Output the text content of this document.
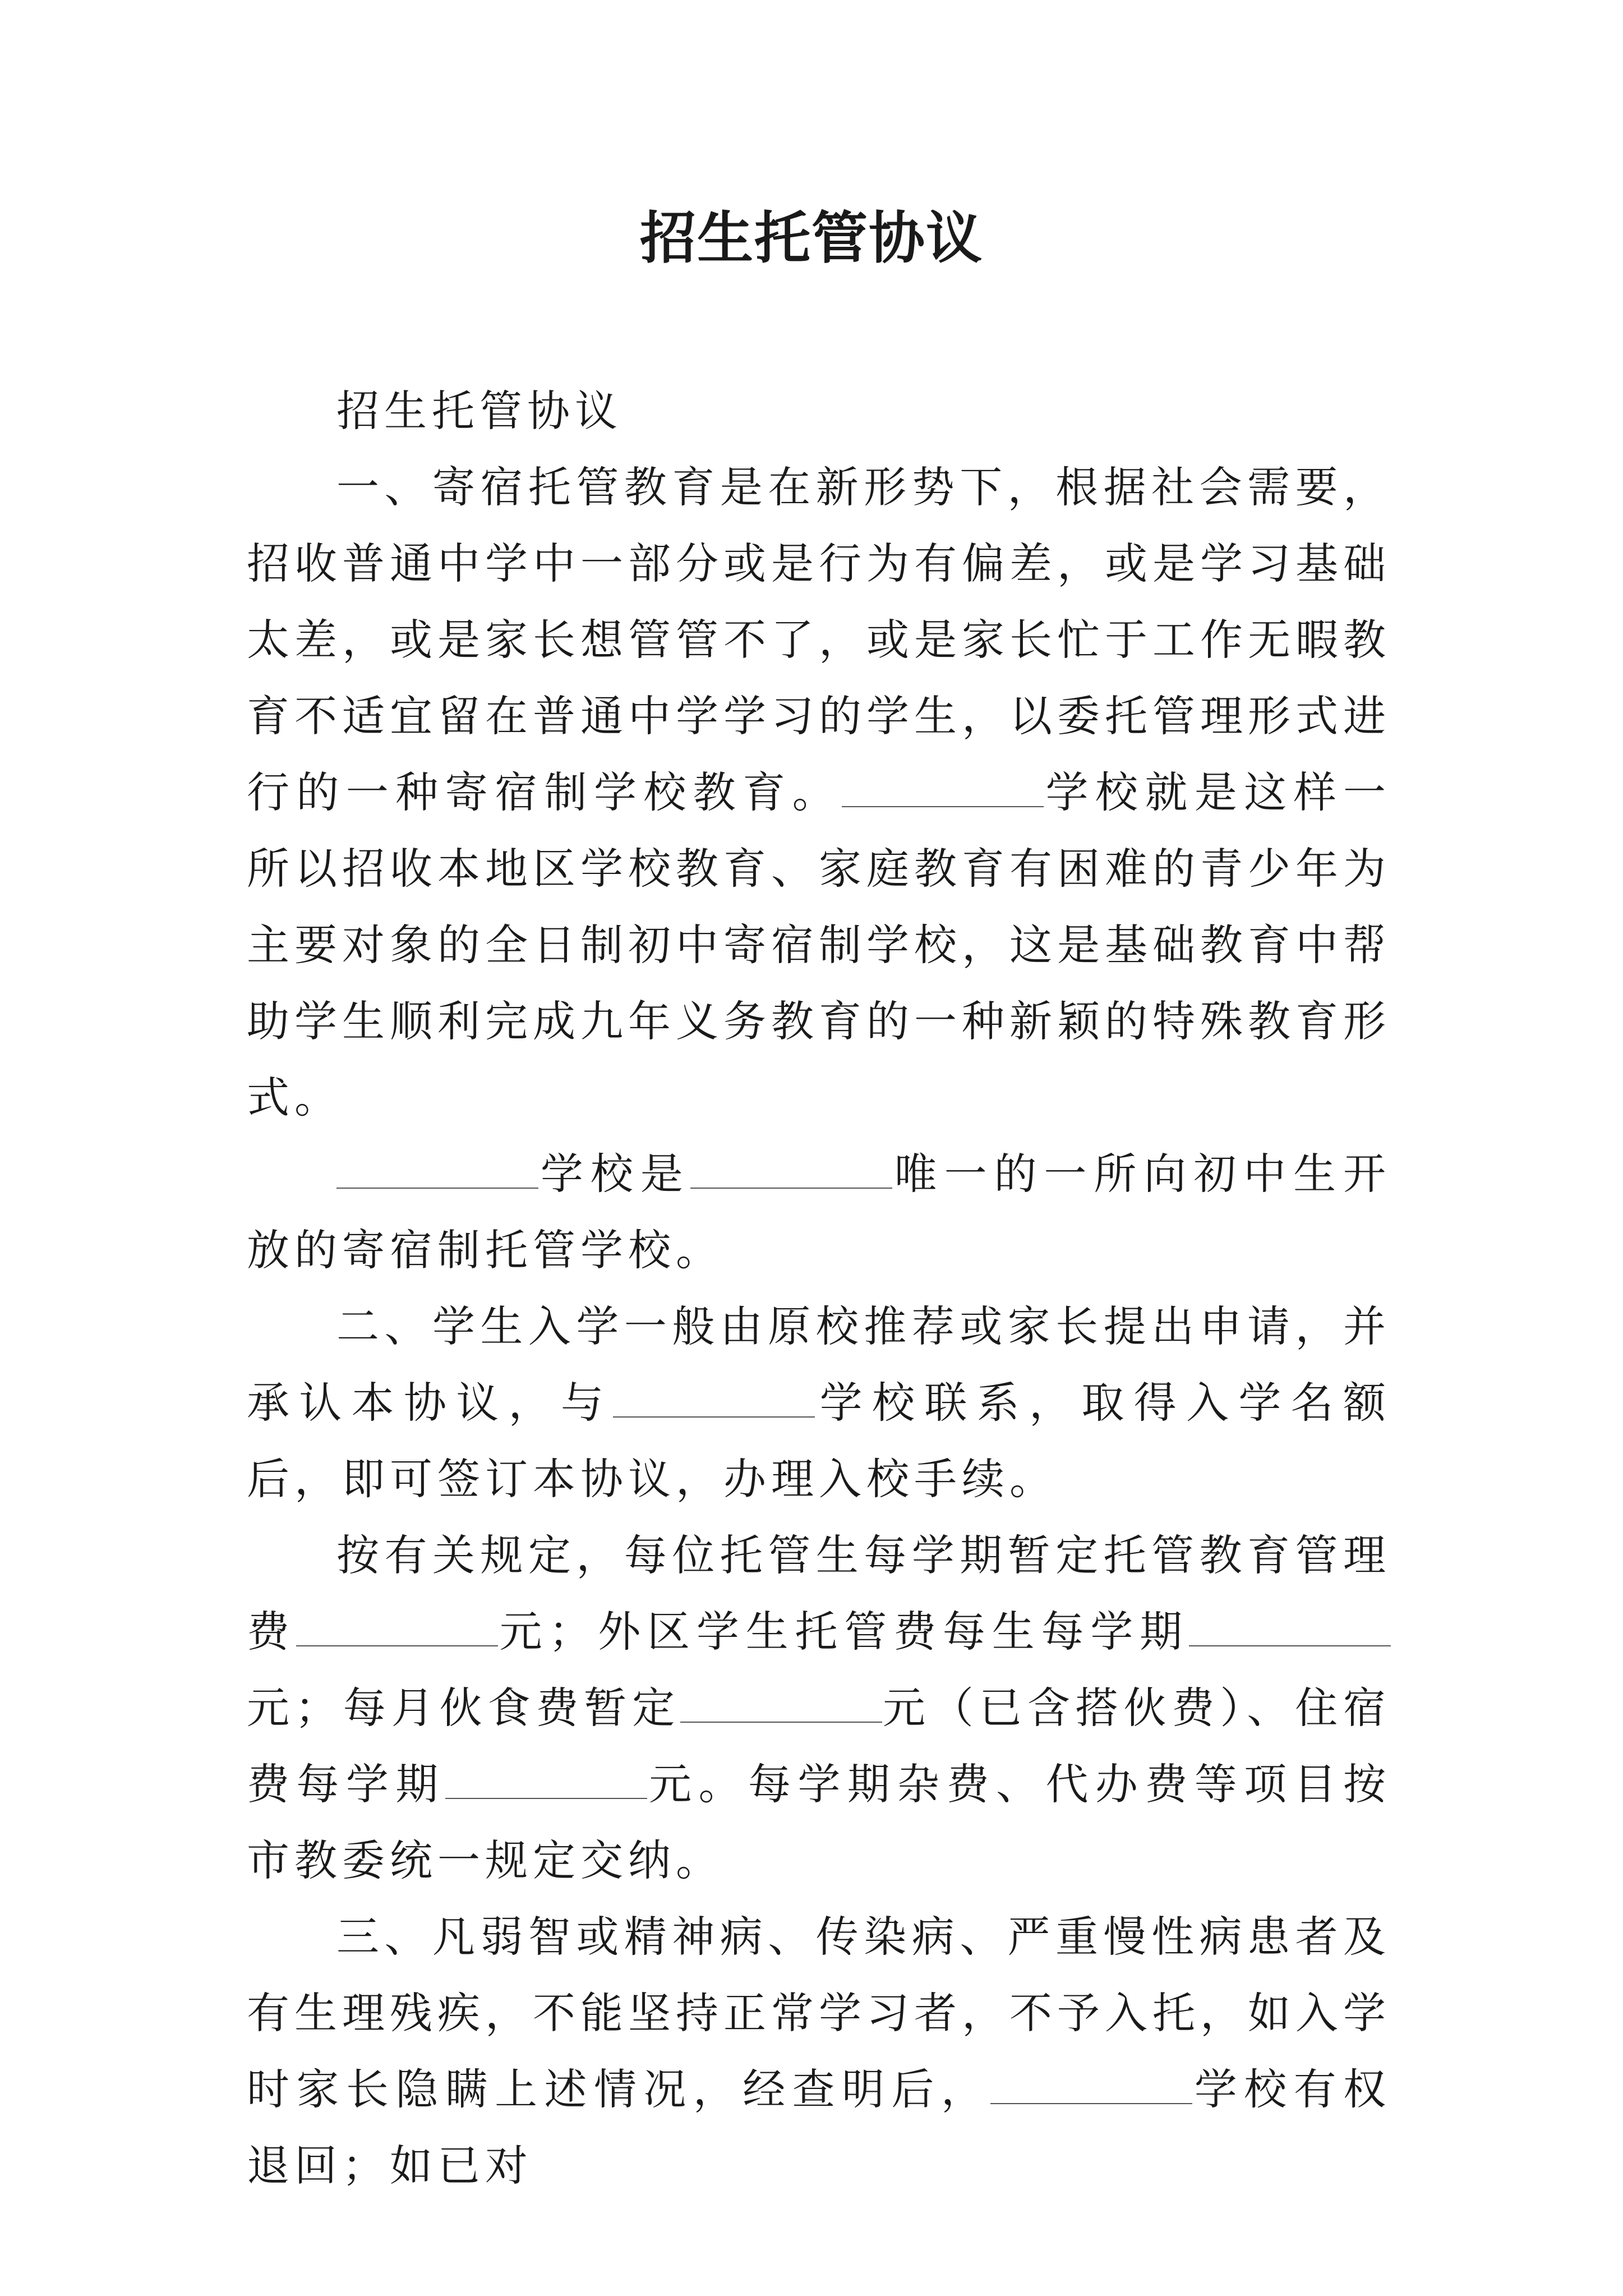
招生托管协议

招生托管协议

一、寄宿托管教育是在新形势下，根据社会需要，招收普通中学中一部分或是行为有偏差，或是学习基础太差，或是家长想管管不了，或是家长忙于工作无暇教育不适宜留在普通中学学习的学生，以委托管理形式进行的一种寄宿制学校教育。	学校就是这样一所以招收本地区学校教育、家庭教育有困难的青少年为主要对象的全日制初中寄宿制学校，这是基础教育中帮助学生顺利完成九年义务教育的一种新颖的特殊教育形式。

学校是	唯一的一所向初中生开放的寄宿制托管学校。

二、学生入学一般由原校推荐或家长提出申请，并承认本协议，与	学校联系，取得入学名额后，即可签订本协议，办理入校手续。

按有关规定，每位托管生每学期暂定托管教育管理费	元；外区学生托管费每生每学期元；每月伙食费暂定	元（已含搭伙费）、住宿费每学期	元。每学期杂费、代办费等项目按市教委统一规定交纳。

三、凡弱智或精神病、传染病、严重慢性病患者及有生理残疾，不能坚持正常学习者，不予入托，如入学时家长隐瞒上述情况，经查明后，	学校有权退回；如已对
